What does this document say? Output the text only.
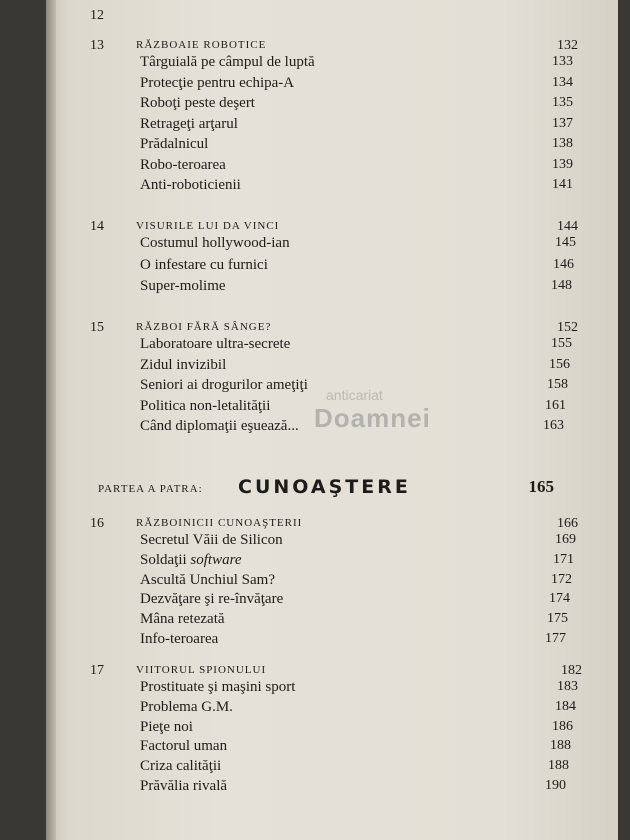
12
13	RĂZBOAIE ROBOTICE	132
Târguială pe câmpul de luptă	133
Protecţie pentru echipa-A	134
Roboţi peste deşert	135
Retrageţi arţarul	137
Prădalnicul	138
Robo-teroarea	139
Anti-roboticienii	141
14	VISURILE LUI DA VINCI	144
Costumul hollywood-ian	145
O infestare cu furnici	146
Super-molime	148
15	RĂZBOI FĂRĂ SÂNGE?	152
Laboratoare ultra-secrete	155
Zidul invizibil	156
Seniori ai drogurilor ameţiţi	158
Politica non-letalităţii	161
Când diplomaţii eşuează...	163
16	RĂZBOINICII CUNOAŞTERII	166
Secretul Văii de Silicon	169
Soldaţii software	171
Ascultă Unchiul Sam?	172
Dezvăţare şi re-învăţare	174
Mâna retezată	175
Info-teroarea	177
17	VIITORUL SPIONULUI	182
Prostituate şi maşini sport	183
Problema G.M.	184
Pieţe noi	186
Factorul uman	188
Criza calităţii	188
Prăvălia rivală	190
PARTEA A PATRA: CUNOAŞTERE	165
anticariat
Doamnei
